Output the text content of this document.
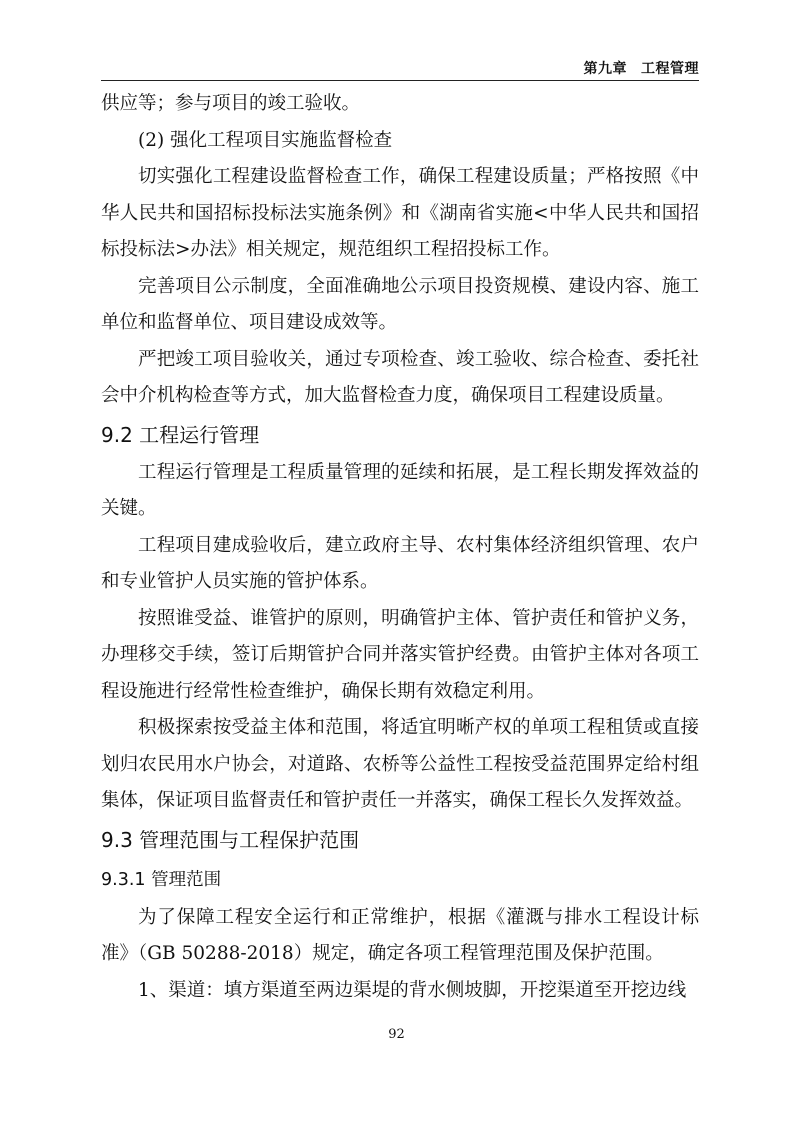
第九章 工程管理

供应等；参与项目的竣工验收。

(2) 强化工程项目实施监督检查

切实强化工程建设监督检查工作，确保工程建设质量；严格按照《中华人民共和国招标投标法实施条例》和《湖南省实施<中华人民共和国招标投标法>办法》相关规定，规范组织工程招投标工作。

完善项目公示制度，全面准确地公示项目投资规模、建设内容、施工单位和监督单位、项目建设成效等。

严把竣工项目验收关，通过专项检查、竣工验收、综合检查、委托社会中介机构检查等方式，加大监督检查力度，确保项目工程建设质量。

9.2 工程运行管理

工程运行管理是工程质量管理的延续和拓展，是工程长期发挥效益的关键。

工程项目建成验收后，建立政府主导、农村集体经济组织管理、农户和专业管护人员实施的管护体系。

按照谁受益、谁管护的原则，明确管护主体、管护责任和管护义务，办理移交手续，签订后期管护合同并落实管护经费。由管护主体对各项工程设施进行经常性检查维护，确保长期有效稳定利用。

积极探索按受益主体和范围，将适宜明晰产权的单项工程租赁或直接划归农民用水户协会，对道路、农桥等公益性工程按受益范围界定给村组集体，保证项目监督责任和管护责任一并落实，确保工程长久发挥效益。

9.3 管理范围与工程保护范围
9.3.1 管理范围

为了保障工程安全运行和正常维护，根据《灌溉与排水工程设计标准》（GB 50288-2018）规定，确定各项工程管理范围及保护范围。

1、渠道：填方渠道至两边渠堤的背水侧坡脚，开挖渠道至开挖边线

92
